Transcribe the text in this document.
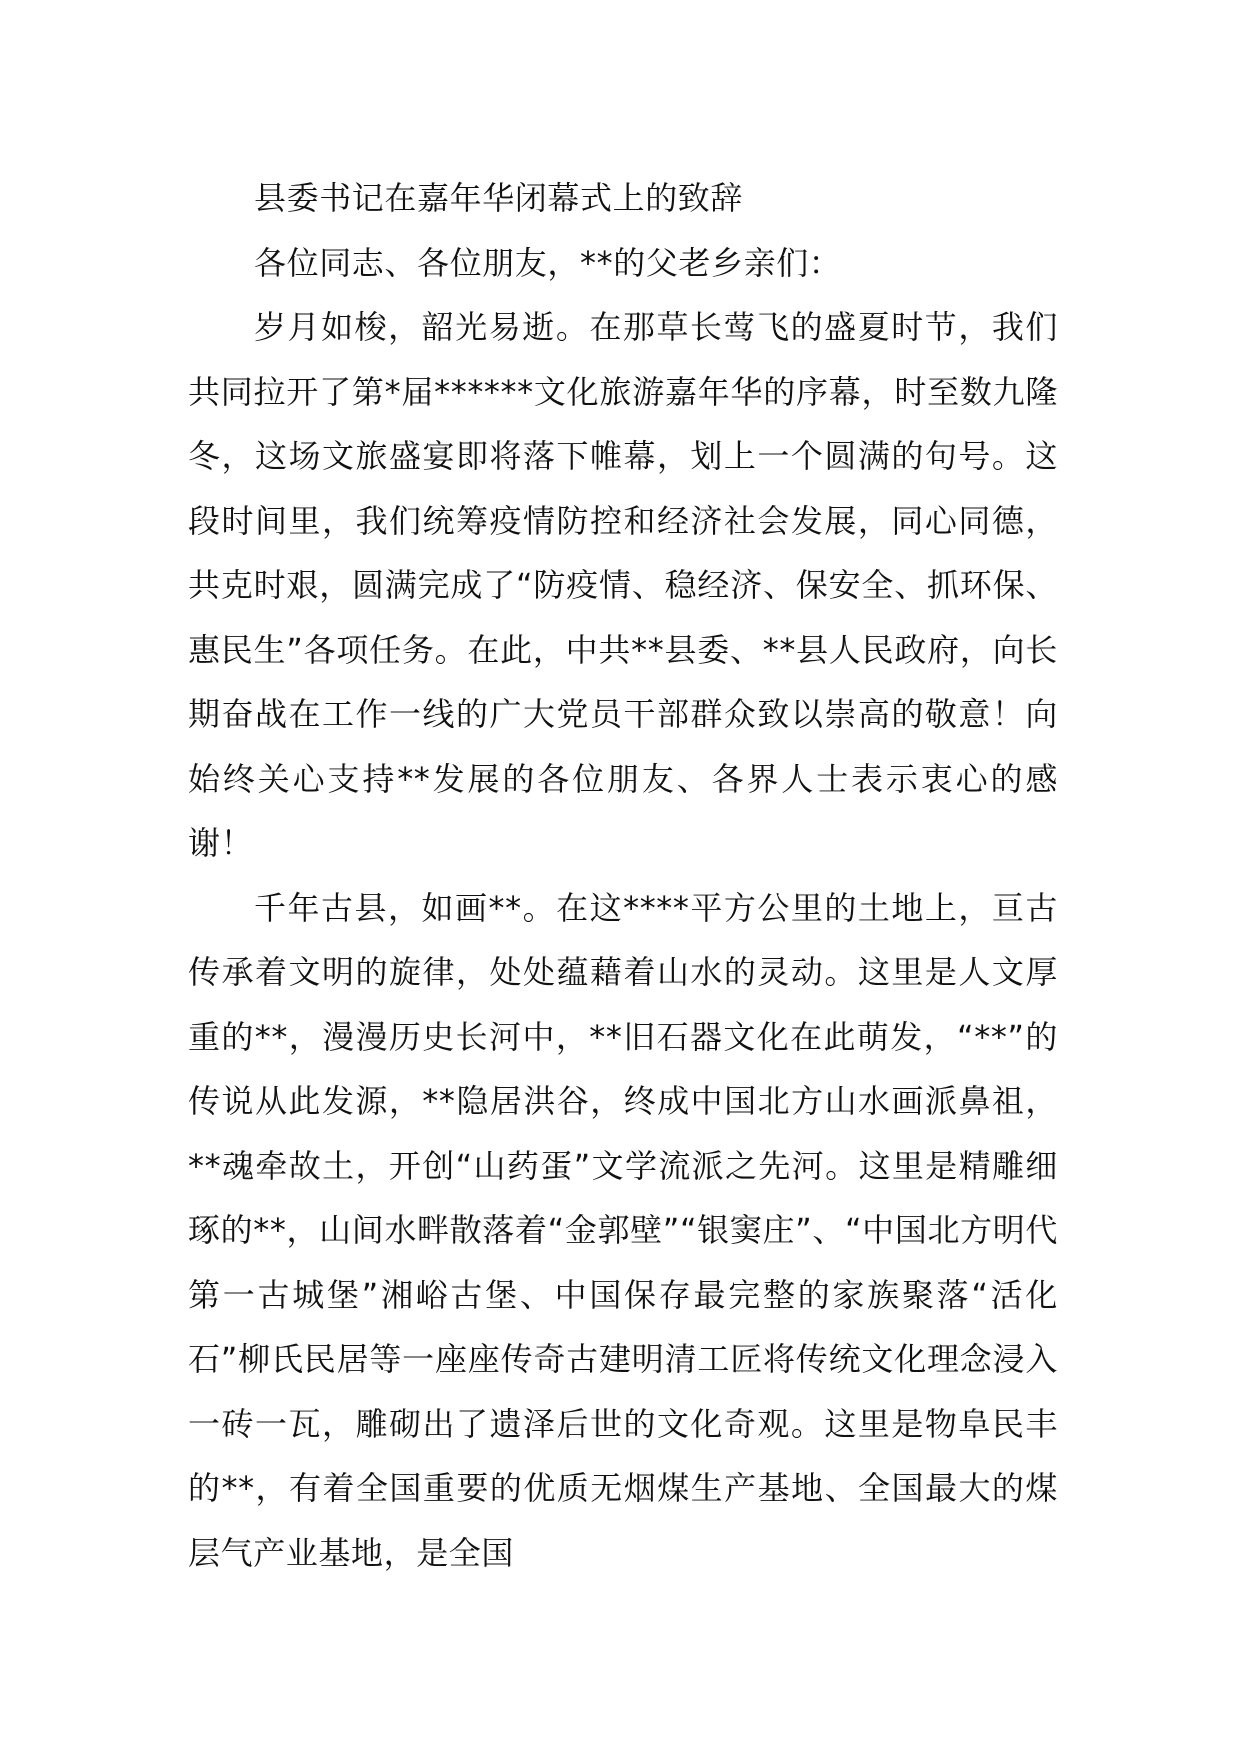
县委书记在嘉年华闭幕式上的致辞

各位同志、各位朋友，**的父老乡亲们：

岁月如梭，韶光易逝。在那草长莺飞的盛夏时节，我们共同拉开了第*届******文化旅游嘉年华的序幕，时至数九隆冬，这场文旅盛宴即将落下帷幕，划上一个圆满的句号。这段时间里，我们统筹疫情防控和经济社会发展，同心同德，共克时艰，圆满完成了“防疫情、稳经济、保安全、抓环保、惠民生”各项任务。在此，中共**县委、**县人民政府，向长期奋战在工作一线的广大党员干部群众致以崇高的敬意！向始终关心支持**发展的各位朋友、各界人士表示衷心的感谢！

千年古县，如画**。在这****平方公里的土地上，亘古传承着文明的旋律，处处蕴藉着山水的灵动。这里是人文厚重的**，漫漫历史长河中，**旧石器文化在此萌发，“**”的传说从此发源，**隐居洪谷，终成中国北方山水画派鼻祖，**魂牵故土，开创“山药蛋”文学流派之先河。这里是精雕细琢的**，山间水畔散落着“金郭壁”“银窦庄”、“中国北方明代第一古城堡”湘峪古堡、中国保存最完整的家族聚落“活化石”柳氏民居等一座座传奇古建明清工匠将传统文化理念浸入一砖一瓦，雕砌出了遗泽后世的文化奇观。这里是物阜民丰的**，有着全国重要的优质无烟煤生产基地、全国最大的煤层气产业基地，是全国
